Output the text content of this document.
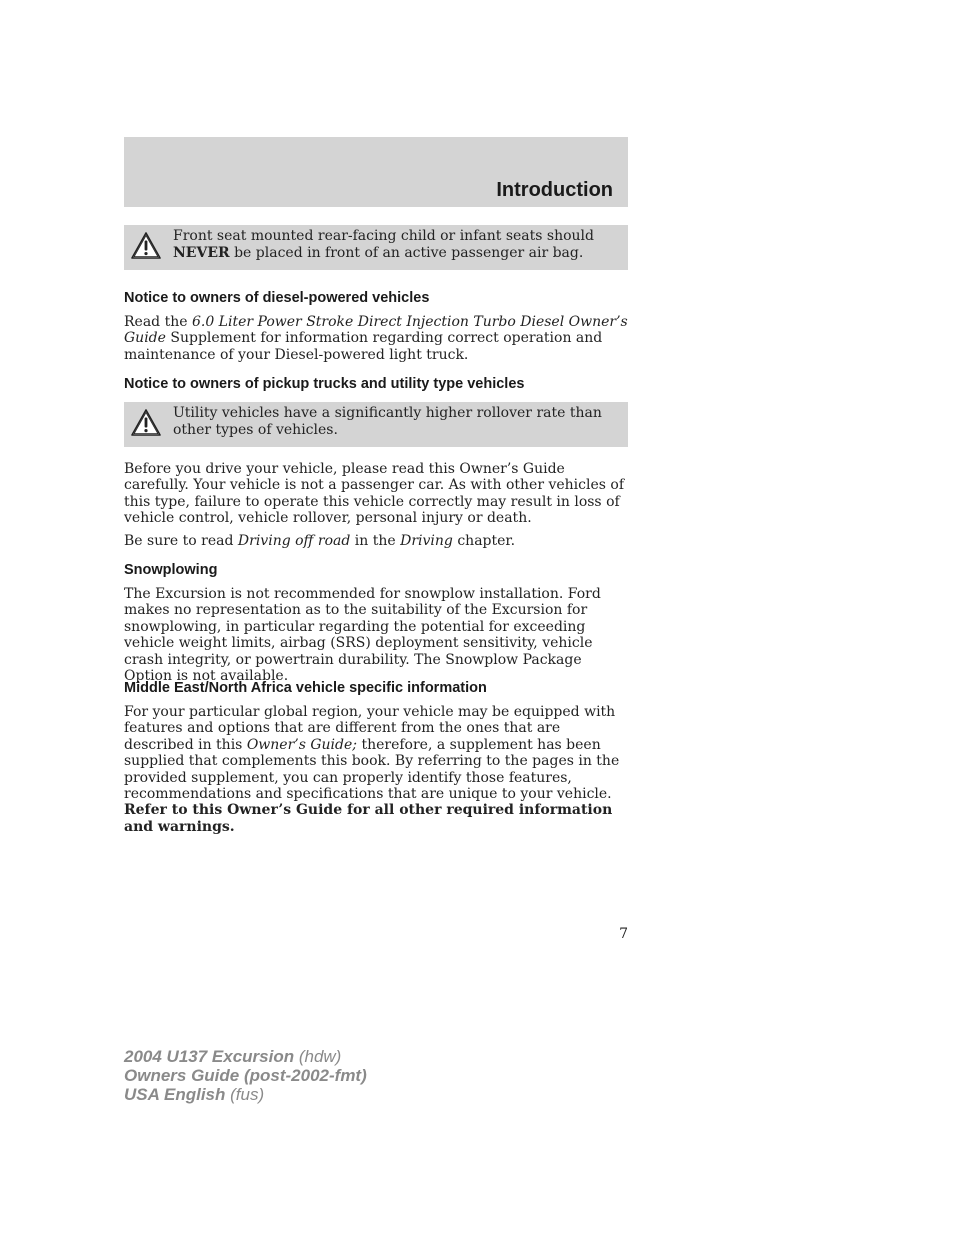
Introduction
Front seat mounted rear-facing child or infant seats should
NEVER be placed in front of an active passenger air bag.
Notice to owners of diesel-powered vehicles

Read the 6.0 Liter Power Stroke Direct Injection Turbo Diesel Owner’s Guide Supplement for information regarding correct operation and maintenance of your Diesel-powered light truck.

Notice to owners of pickup trucks and utility type vehicles
Utility vehicles have a significantly higher rollover rate than other types of vehicles.

Before you drive your vehicle, please read this Owner’s Guide carefully. Your vehicle is not a passenger car. As with other vehicles of this type, failure to operate this vehicle correctly may result in loss of vehicle control, vehicle rollover, personal injury or death.

Be sure to read Driving off road in the Driving chapter.

Snowplowing

The Excursion is not recommended for snowplow installation. Ford makes no representation as to the suitability of the Excursion for snowplowing, in particular regarding the potential for exceeding vehicle weight limits, airbag (SRS) deployment sensitivity, vehicle crash integrity, or powertrain durability. The Snowplow Package Option is not available.

Middle East/North Africa vehicle specific information

For your particular global region, your vehicle may be equipped with features and options that are different from the ones that are described in this Owner’s Guide; therefore, a supplement has been supplied that complements this book. By referring to the pages in the provided supplement, you can properly identify those features, recommendations and specifications that are unique to your vehicle. Refer to this Owner’s Guide for all other required information and warnings.

7
2004 U137 Excursion (hdw)
Owners Guide (post-2002-fmt)
USA English (fus)
